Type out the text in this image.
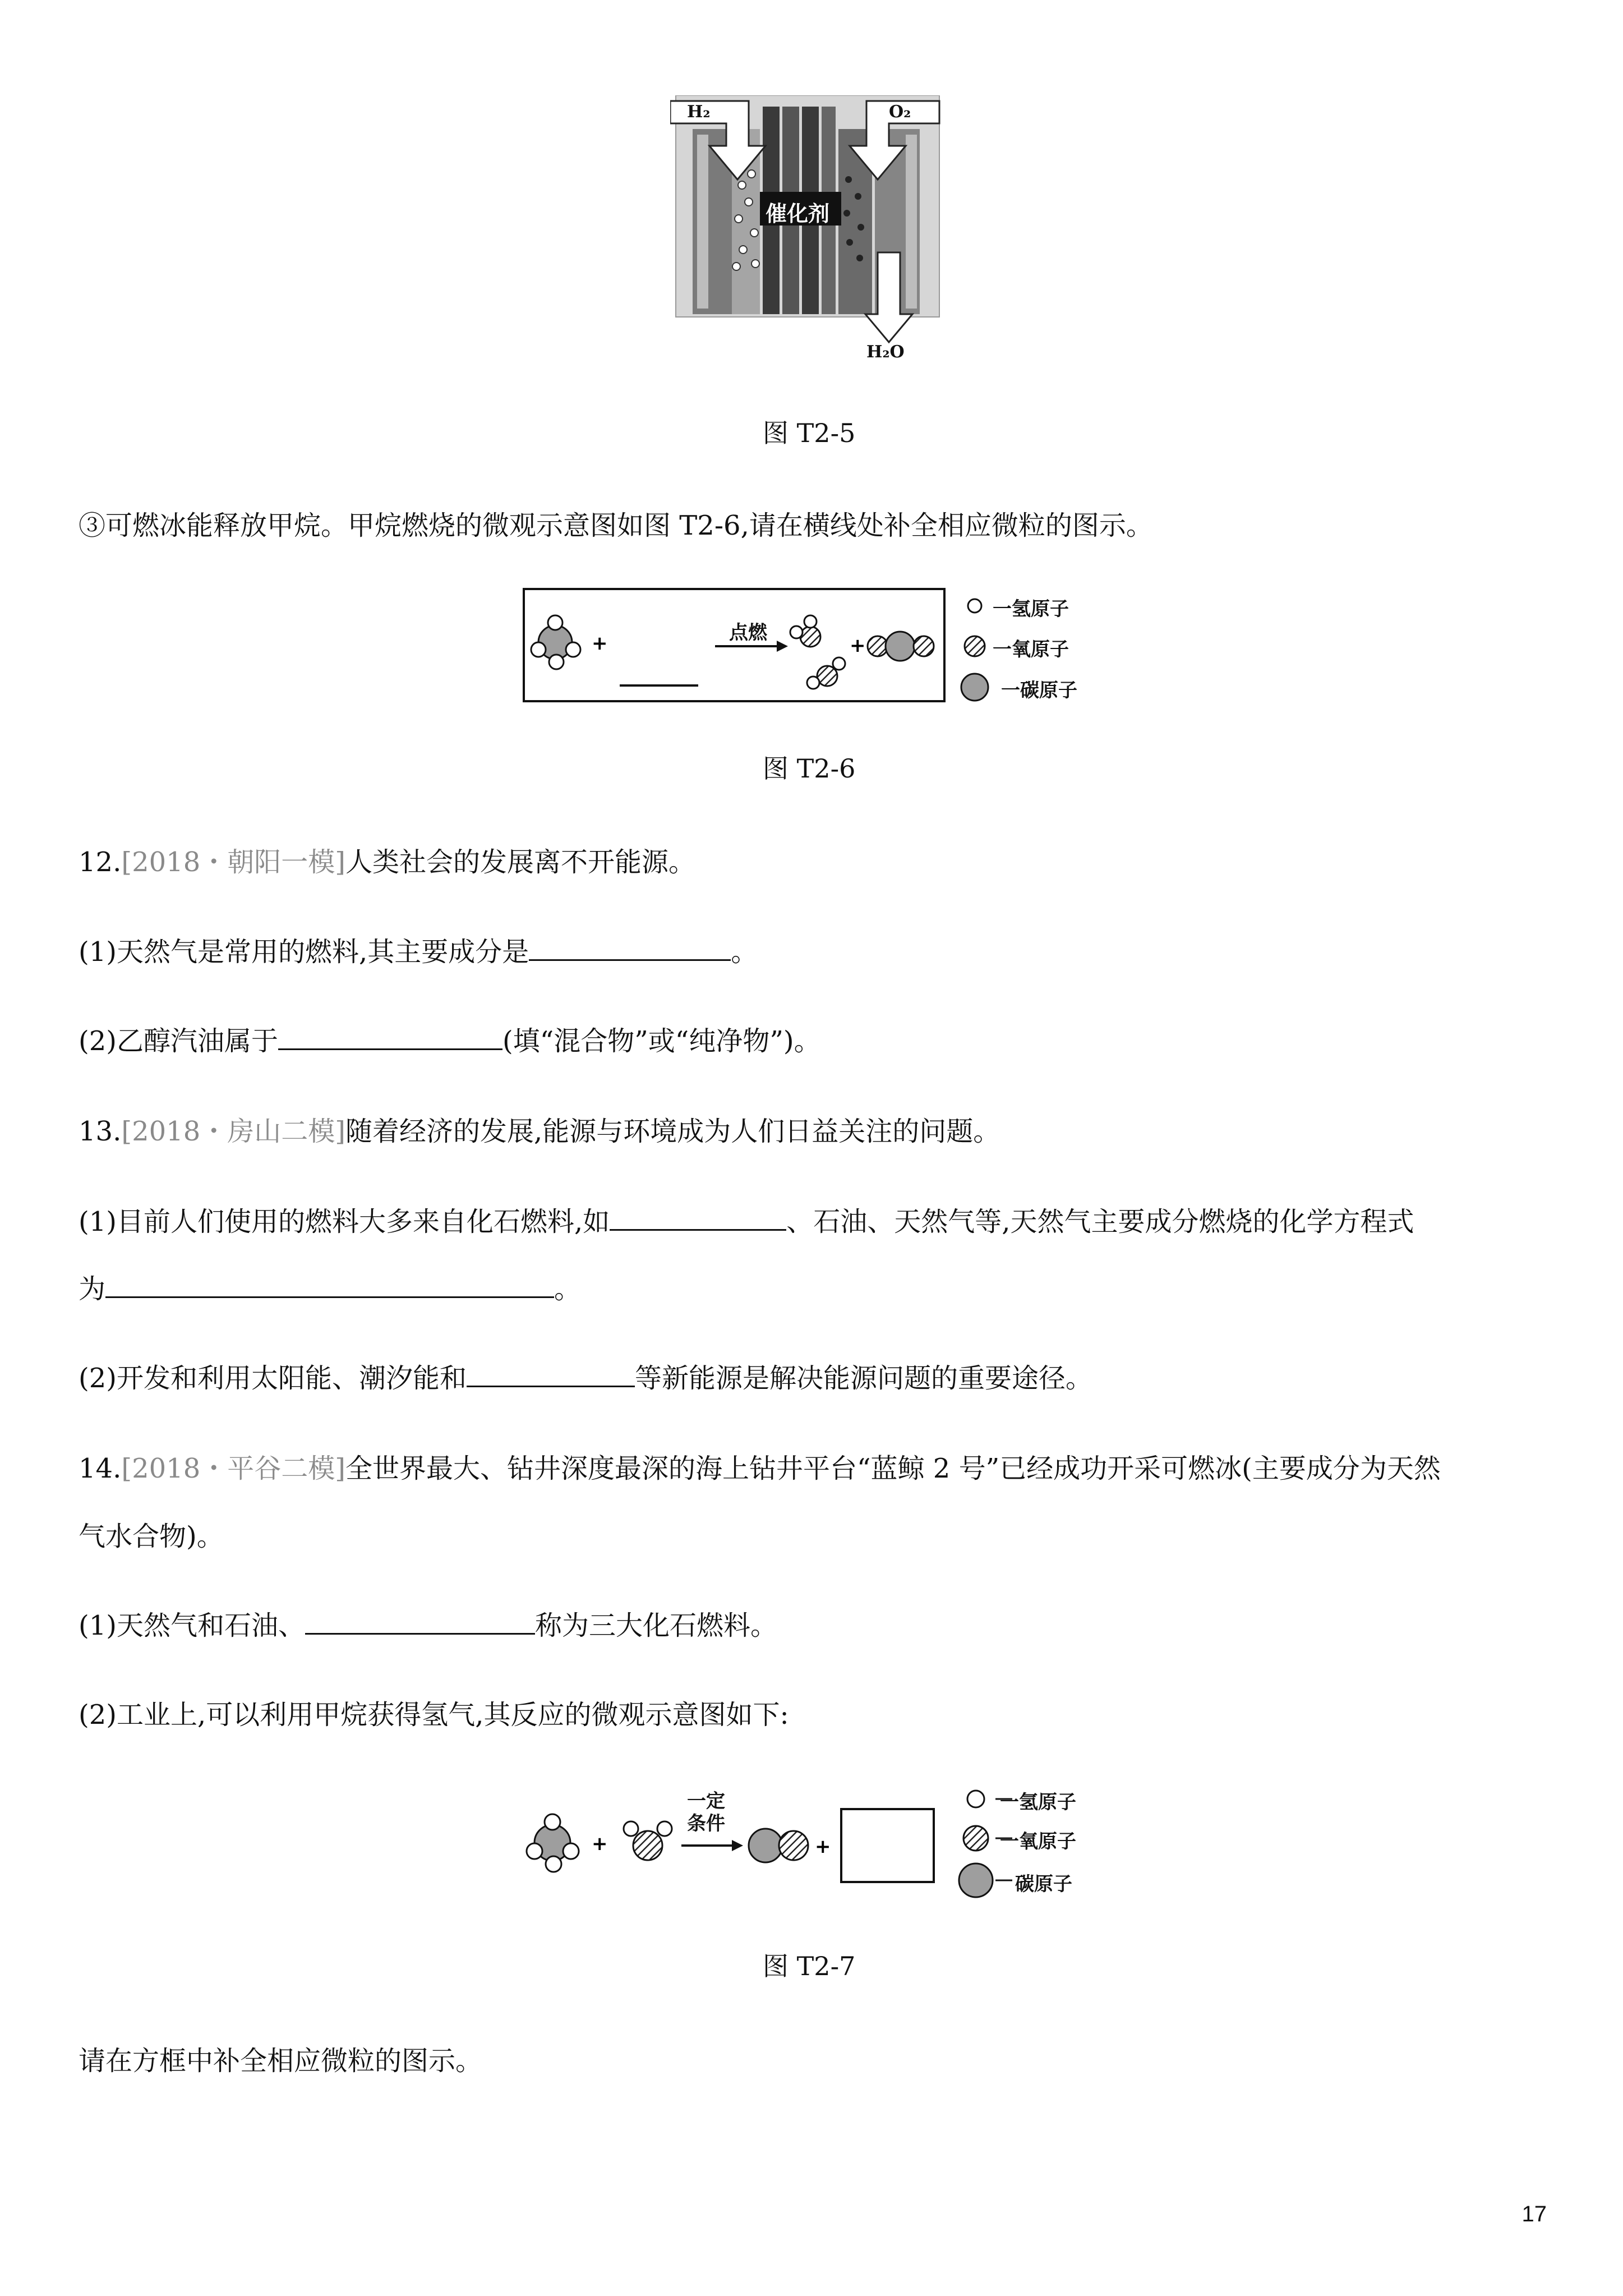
H₂	O₂
催化剂
H₂O
图 T2-5
③可燃冰能释放甲烷。甲烷燃烧的微观示意图如图 T2-6,请在横线处补全相应微粒的图示。
+	+
点燃
一氢原子
一氧原子
一碳原子
图 T2-6
12.[2018・朝阳一模]人类社会的发展离不开能源。
(1)天然气是常用的燃料,其主要成分是	。
(2)乙醇汽油属于	(填“混合物”或“纯净物”)。
13.[2018・房山二模]随着经济的发展,能源与环境成为人们日益关注的问题。
(1)目前人们使用的燃料大多来自化石燃料,如	、石油、天然气等,天然气主要成分燃烧的化学方程式
为	。
(2)开发和利用太阳能、潮汐能和	等新能源是解决能源问题的重要途径。
14.[2018・平谷二模]全世界最大、钻井深度最深的海上钻井平台“蓝鲸 2 号”已经成功开采可燃冰(主要成分为天然
气水合物)。
(1)天然气和石油、	称为三大化石燃料。
(2)工业上,可以利用甲烷获得氢气,其反应的微观示意图如下:
+	+
一定
条件
一氢原子
一氧原子
碳原子
图 T2-7
请在方框中补全相应微粒的图示。
17
